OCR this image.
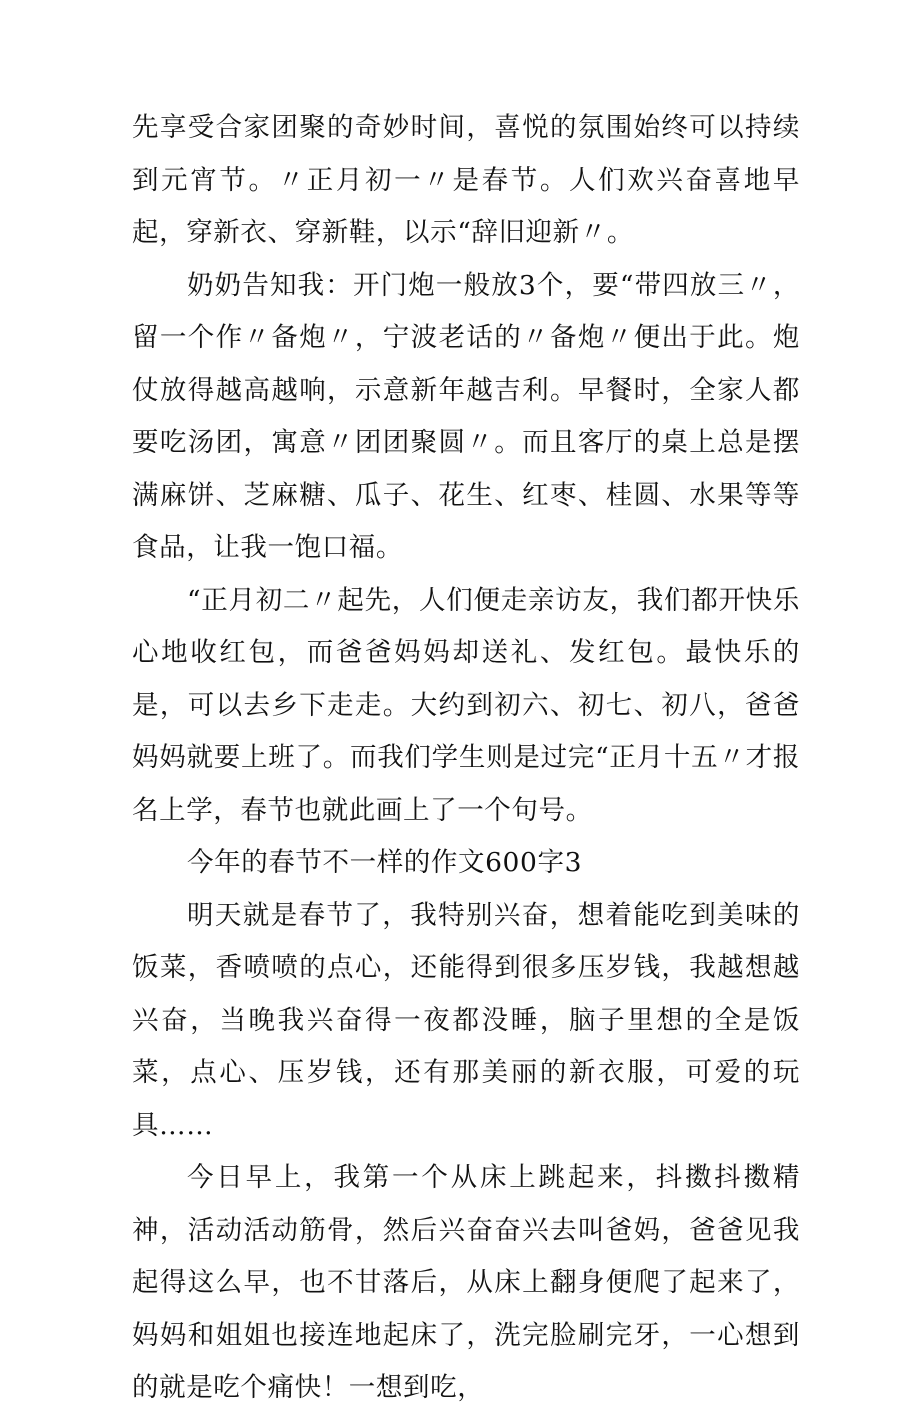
先享受合家团聚的奇妙时间，喜悦的氛围始终可以持续到元宵节。〃正月初一〃是春节。人们欢兴奋喜地早起，穿新衣、穿新鞋，以示“辞旧迎新〃。

奶奶告知我：开门炮一般放3个，要“带四放三〃，留一个作〃备炮〃，宁波老话的〃备炮〃便出于此。炮仗放得越高越响，示意新年越吉利。早餐时，全家人都要吃汤团，寓意〃团团聚圆〃。而且客厅的桌上总是摆满麻饼、芝麻糖、瓜子、花生、红枣、桂圆、水果等等食品，让我一饱口福。

“正月初二〃起先，人们便走亲访友，我们都开快乐心地收红包，而爸爸妈妈却送礼、发红包。最快乐的是，可以去乡下走走。大约到初六、初七、初八，爸爸妈妈就要上班了。而我们学生则是过完“正月十五〃才报名上学，春节也就此画上了一个句号。

今年的春节不一样的作文600字3

明天就是春节了，我特别兴奋，想着能吃到美味的饭菜，香喷喷的点心，还能得到很多压岁钱，我越想越兴奋，当晚我兴奋得一夜都没睡，脑子里想的全是饭菜，点心、压岁钱，还有那美丽的新衣服，可爱的玩具……

今日早上，我第一个从床上跳起来，抖擞抖擞精神，活动活动筋骨，然后兴奋奋兴去叫爸妈，爸爸见我起得这么早，也不甘落后，从床上翻身便爬了起来了，妈妈和姐姐也接连地起床了，洗完脸刷完牙，一心想到的就是吃个痛快！一想到吃，
